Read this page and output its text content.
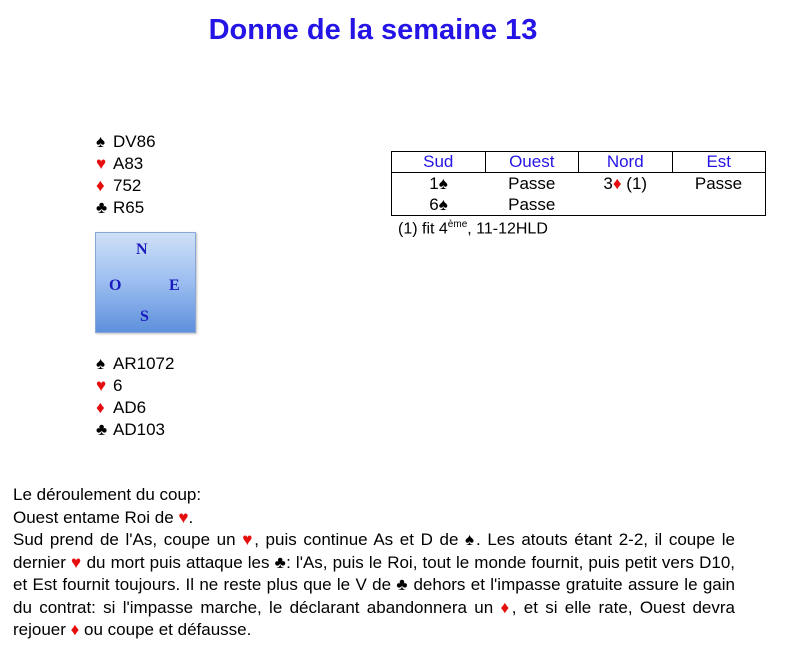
Donne de la semaine 13
♠ DV86
♥ A83
♦ 752
♣ R65
N
O	E
S
♠ AR1072
♥ 6
♦ AD6
♣ AD103
Sud	Ouest	Nord	Est
1♠	Passe	3♦ (1)	Passe
6♠	Passe		
(1) fit 4ème, 11-12HLD

Le déroulement du coup:

Ouest entame Roi de ♥.

Sud prend de l'As, coupe un ♥, puis continue As et D de ♠. Les atouts étant 2-2, il coupe le dernier ♥ du mort puis attaque les ♣: l'As, puis le Roi, tout le monde fournit, puis petit vers D10, et Est fournit toujours. Il ne reste plus que le V de ♣ dehors et l'impasse gratuite assure le gain du contrat: si l'impasse marche, le déclarant abandonnera un ♦, et si elle rate, Ouest devra rejouer ♦ ou coupe et défausse.
